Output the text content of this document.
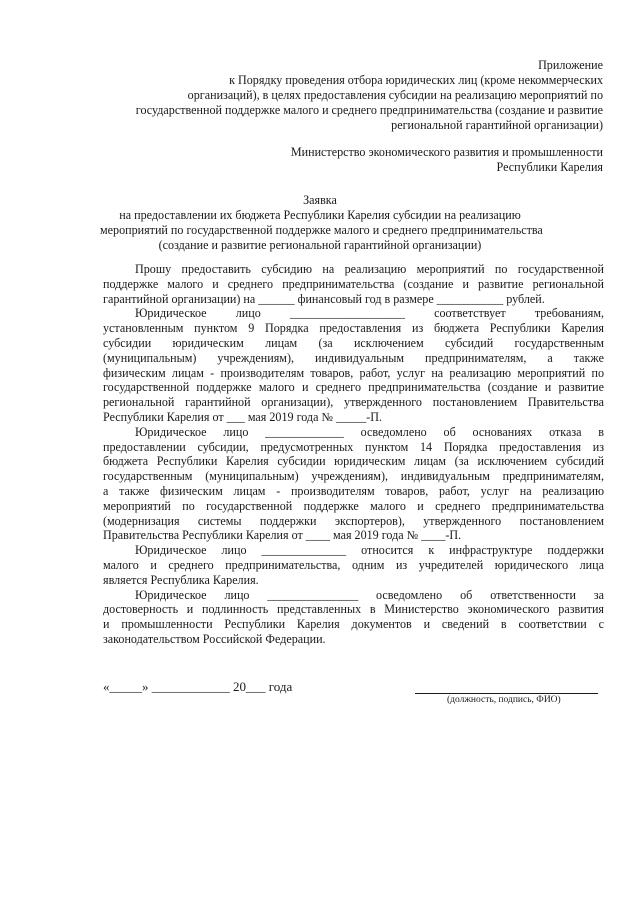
Приложение
к Порядку проведения отбора юридических лиц (кроме некоммерческих
организаций), в целях предоставления субсидии на реализацию мероприятий по
государственной поддержке малого и среднего предпринимательства (создание и развитие
региональной гарантийной организации)
Министерство экономического развития и промышленности
Республики Карелия
Заявка
на предоставлении их бюджета Республики Карелия субсидии на реализацию
мероприятий по государственной поддержке малого и среднего предпринимательства
(создание и развитие региональной гарантийной организации)

Прошу предоставить субсидию на реализацию мероприятий по государственной
поддержке малого и среднего предпринимательства (создание и развитие региональной
гарантийной организации) на ______ финансовый год в размере ___________ рублей.

Юридическое лицо ___________________ соответствует требованиям,
установленным пунктом 9 Порядка предоставления из бюджета Республики Карелия
субсидии юридическим лицам (за исключением субсидий государственным
(муниципальным) учреждениям), индивидуальным предпринимателям, а также
физическим лицам - производителям товаров, работ, услуг на реализацию мероприятий по
государственной поддержке малого и среднего предпринимательства (создание и развитие
региональной гарантийной организации), утвержденного постановлением Правительства
Республики Карелия от ___ мая 2019 года № _____-П.

Юридическое лицо _____________ осведомлено об основаниях отказа в
предоставлении субсидии, предусмотренных пунктом 14 Порядка предоставления из
бюджета Республики Карелия субсидии юридическим лицам (за исключением субсидий
государственным (муниципальным) учреждениям), индивидуальным предпринимателям,
а также физическим лицам - производителям товаров, работ, услуг на реализацию
мероприятий по государственной поддержке малого и среднего предпринимательства
(модернизация системы поддержки экспортеров), утвержденного постановлением
Правительства Республики Карелия от ____ мая 2019 года № ____-П.

Юридическое лицо ______________ относится к инфраструктуре поддержки
малого и среднего предпринимательства, одним из учредителей юридического лица
является Республика Карелия.

Юридическое лицо _______________ осведомлено об ответственности за
достоверность и подлинность представленных в Министерство экономического развития
и промышленности Республики Карелия документов и сведений в соответствии с
законодательством Российской Федерации.

«_____» ____________ 20___ года
(должность, подпись, ФИО)
